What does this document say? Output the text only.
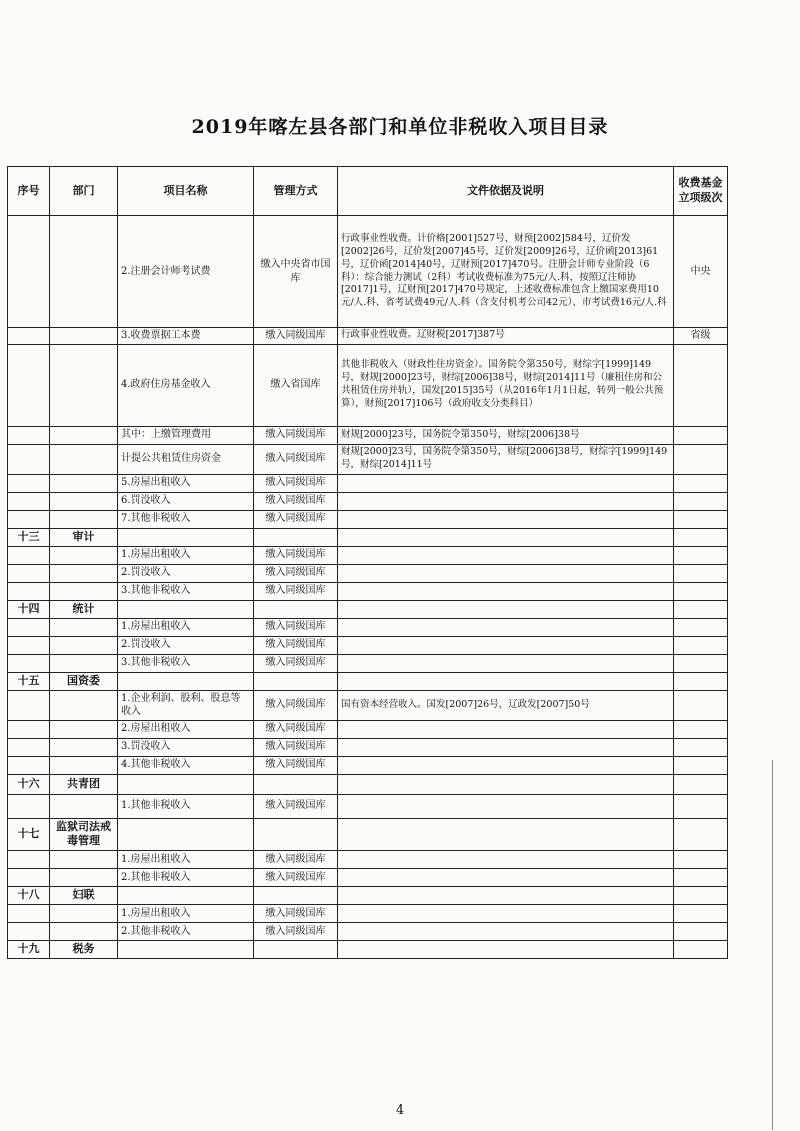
2019年喀左县各部门和单位非税收入项目目录
序号	部门	项目名称	管理方式	文件依据及说明	收费基金立项级次
		2.注册会计师考试费	缴入中央省市国库	行政事业性收费。计价格[2001]527号，财预[2002]584号，辽价发[2002]26号，辽价发[2007]45号，辽价发[2009]26号，辽价函[2013]61号，辽价函[2014]40号，辽财预[2017]470号。注册会计师专业阶段（6科）：综合能力测试（2科）考试收费标准为75元/人.科，按照辽注师协[2017]1号，辽财预[2017]470号规定，上述收费标准包含上缴国家费用10元/人.科、省考试费49元/人.科（含支付机考公司42元）、市考试费16元/人.科	中央
		3.收费票据工本费	缴入同级国库	行政事业性收费。辽财税[2017]387号	省级
		4.政府住房基金收入	缴入省国库	其他非税收入（财政性住房资金）。国务院令第350号，财综字[1999]149号，财规[2000]23号，财综[2006]38号，财综[2014]11号（廉租住房和公共租赁住房并轨），国发[2015]35号（从2016年1月1日起，转列一般公共预算），财预[2017]106号（政府收支分类科目）	
		其中：上缴管理费用	缴入同级国库	财规[2000]23号，国务院令第350号，财综[2006]38号	
		计提公共租赁住房资金	缴入同级国库	财规[2000]23号，国务院令第350号，财综[2006]38号，财综字[1999]149号，财综[2014]11号	
		5.房屋出租收入	缴入同级国库		
		6.罚没收入	缴入同级国库		
		7.其他非税收入	缴入同级国库		
十三	审计				
		1.房屋出租收入	缴入同级国库		
		2.罚没收入	缴入同级国库		
		3.其他非税收入	缴入同级国库		
十四	统计				
		1.房屋出租收入	缴入同级国库		
		2.罚没收入	缴入同级国库		
		3.其他非税收入	缴入同级国库		
十五	国资委				
		1.企业利润、股利、股息等收入	缴入同级国库	国有资本经营收入。国发[2007]26号，辽政发[2007]50号	
		2.房屋出租收入	缴入同级国库		
		3.罚没收入	缴入同级国库		
		4.其他非税收入	缴入同级国库		
十六	共青团				
		1.其他非税收入	缴入同级国库		
十七	监狱司法戒毒管理				
		1.房屋出租收入	缴入同级国库		
		2.其他非税收入	缴入同级国库		
十八	妇联				
		1.房屋出租收入	缴入同级国库		
		2.其他非税收入	缴入同级国库		
十九	税务				
4
